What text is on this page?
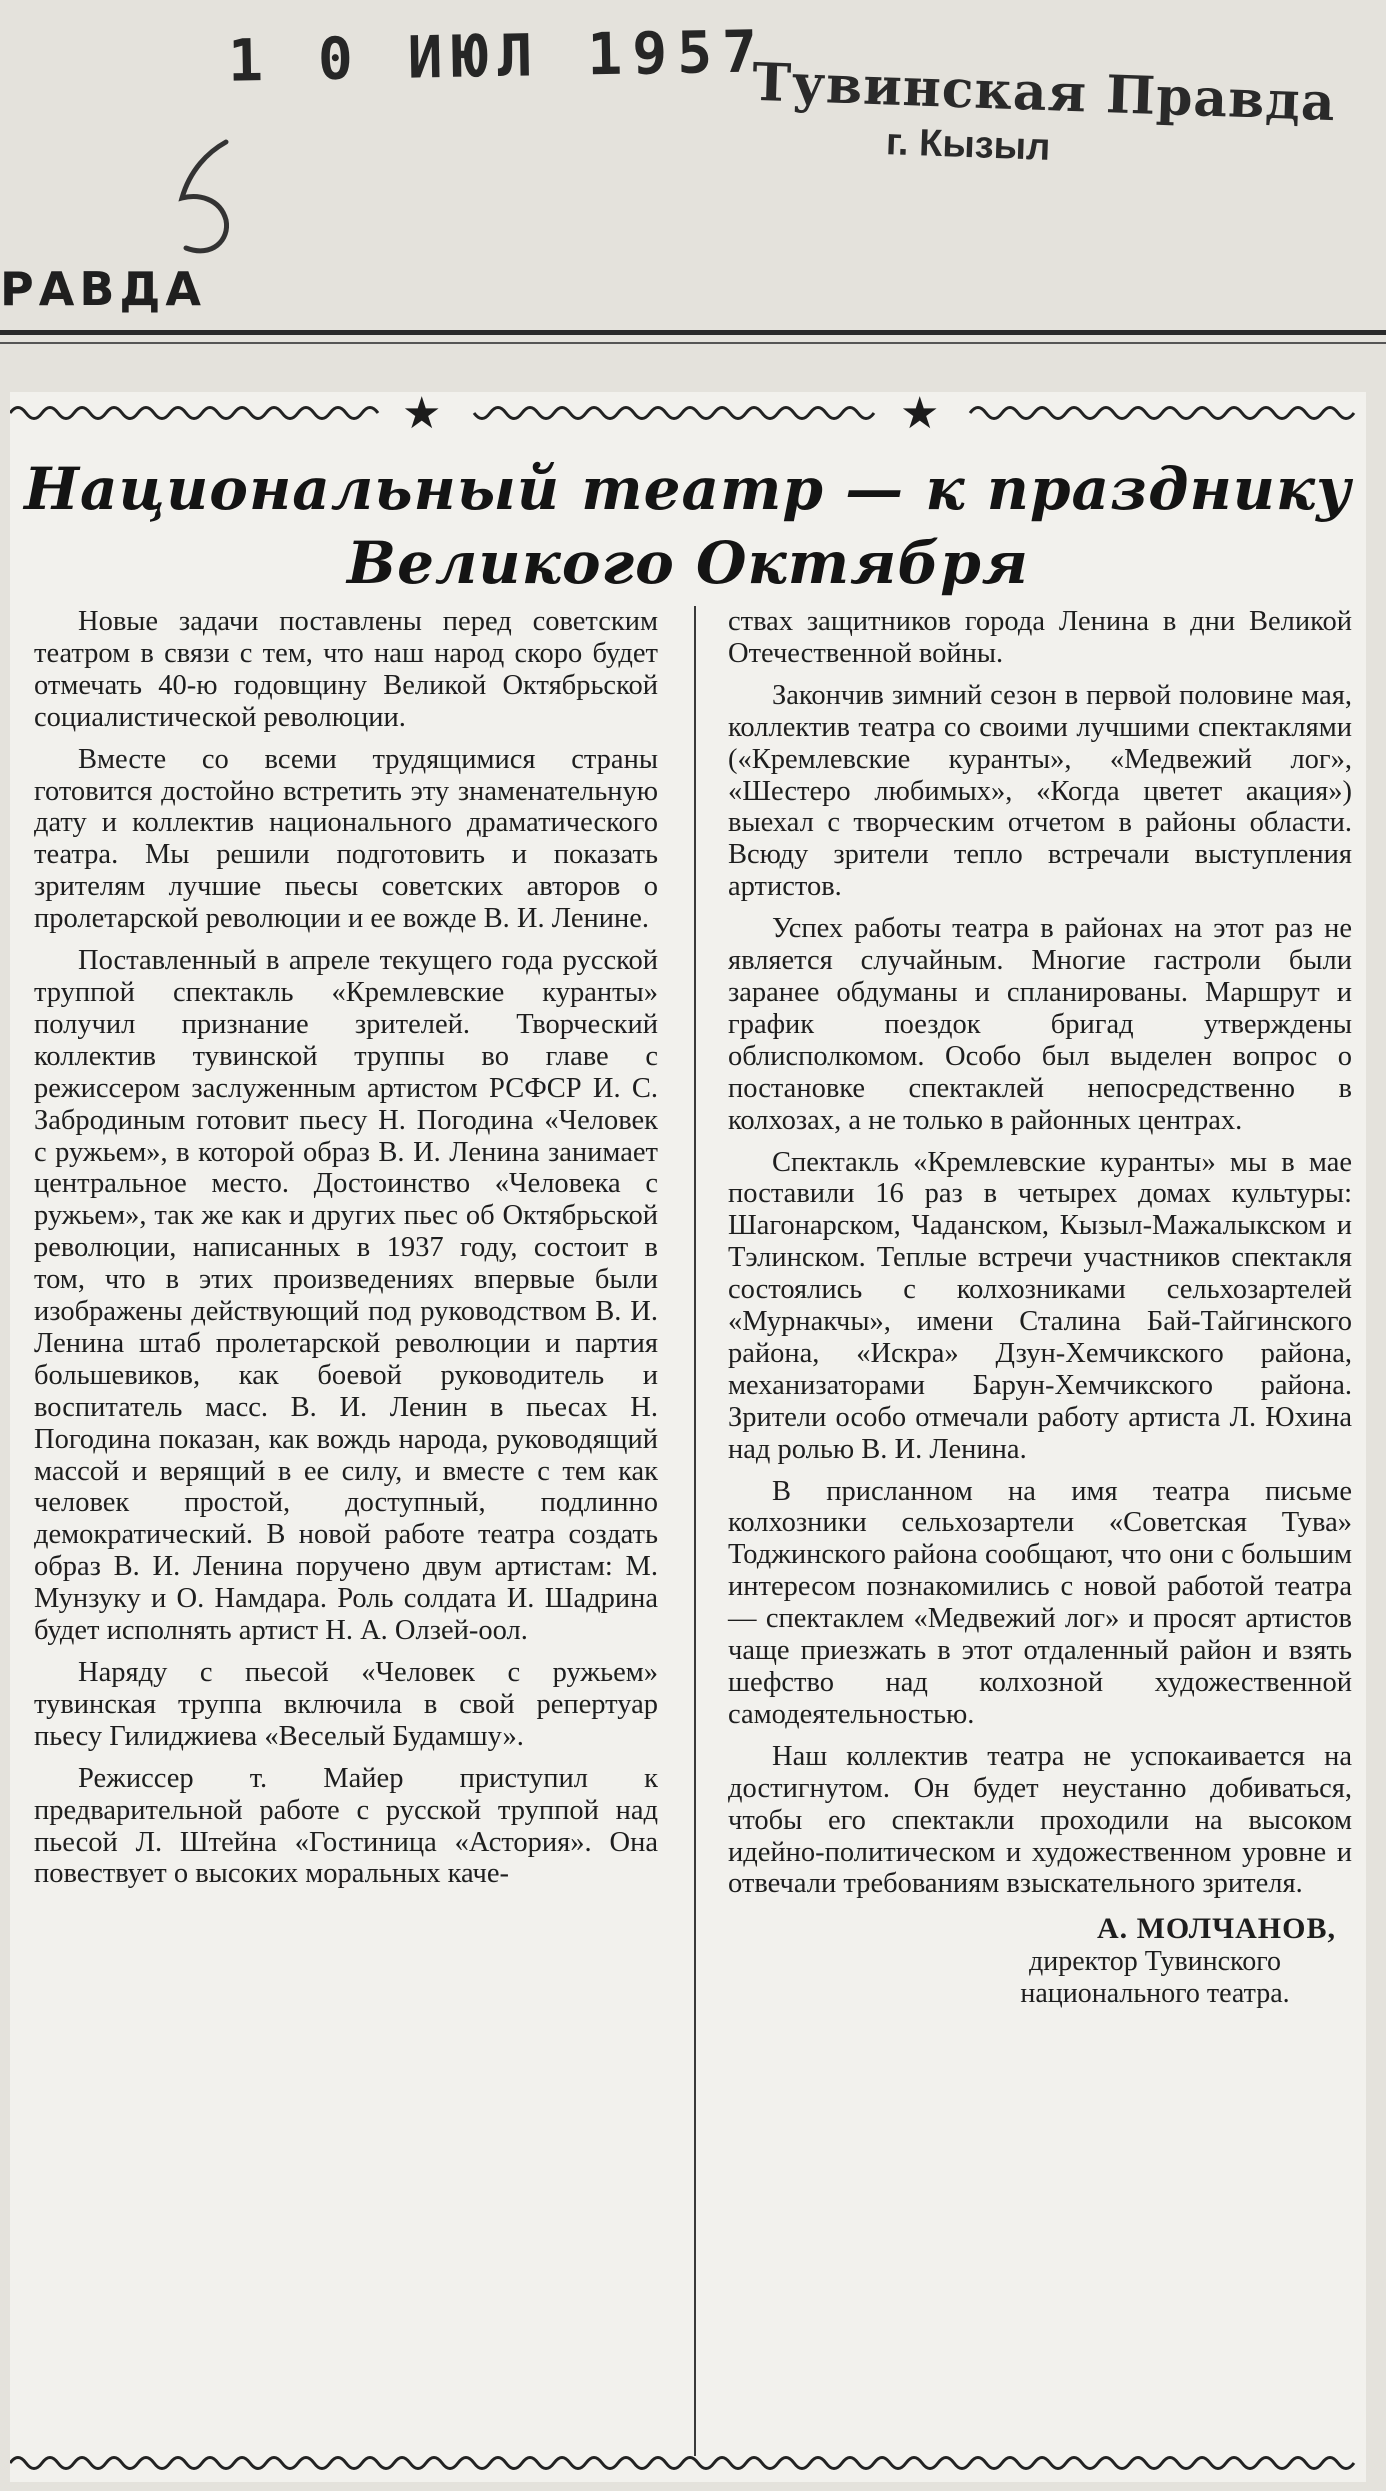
1 0 ИЮЛ 1957
Тувинская Правда
г. Кызыл
РАВДА
★	★
Национальный театр — к празднику
Великого Октября

Новые задачи поставлены перед советским театром в связи с тем, что наш народ скоро будет отмечать 40-ю годовщину Великой Октябрьской социалистической революции.

Вместе со всеми трудящимися страны готовится достойно встретить эту знаменательную дату и коллектив национального драматического театра. Мы решили подготовить и показать зрителям лучшие пьесы советских авторов о пролетарской революции и ее вожде В. И. Ленине.

Поставленный в апреле текущего года русской труппой спектакль «Кремлевские куранты» получил признание зрителей. Творческий коллектив тувинской труппы во главе с режиссером заслуженным артистом РСФСР И. С. Забродиным готовит пьесу Н. Погодина «Человек с ружьем», в которой образ В. И. Ленина занимает центральное место. Достоинство «Человека с ружьем», так же как и других пьес об Октябрьской революции, написанных в 1937 году, состоит в том, что в этих произведениях впервые были изображены действующий под руководством В. И. Ленина штаб пролетарской революции и партия большевиков, как боевой руководитель и воспитатель масс. В. И. Ленин в пьесах Н. Погодина показан, как вождь народа, руководящий массой и верящий в ее силу, и вместе с тем как человек простой, доступный, подлинно демократический. В новой работе театра создать образ В. И. Ленина поручено двум артистам: М. Мунзуку и О. Намдара. Роль солдата И. Шадрина будет исполнять артист Н. А. Олзей-оол.

Наряду с пьесой «Человек с ружьем» тувинская труппа включила в свой репертуар пьесу Гилиджиева «Веселый Будамшу».

Режиссер т. Майер приступил к предварительной работе с русской труппой над пьесой Л. Штейна «Гостиница «Астория». Она повествует о высоких моральных каче-

ствах защитников города Ленина в дни Великой Отечественной войны.

Закончив зимний сезон в первой половине мая, коллектив театра со своими лучшими спектаклями («Кремлевские куранты», «Медвежий лог», «Шестеро любимых», «Когда цветет акация») выехал с творческим отчетом в районы области. Всюду зрители тепло встречали выступления артистов.

Успех работы театра в районах на этот раз не является случайным. Многие гастроли были заранее обдуманы и спланированы. Маршрут и график поездок бригад утверждены облисполкомом. Особо был выделен вопрос о постановке спектаклей непосредственно в колхозах, а не только в районных центрах.

Спектакль «Кремлевские куранты» мы в мае поставили 16 раз в четырех домах культуры: Шагонарском, Чаданском, Кызыл-Мажалыкском и Тэлинском. Теплые встречи участников спектакля состоялись с колхозниками сельхозартелей «Мурнакчы», имени Сталина Бай-Тайгинского района, «Искра» Дзун-Хемчикского района, механизаторами Барун-Хемчикского района. Зрители особо отмечали работу артиста Л. Юхина над ролью В. И. Ленина.

В присланном на имя театра письме колхозники сельхозартели «Советская Тува» Тоджинского района сообщают, что они с большим интересом познакомились с новой работой театра — спектаклем «Медвежий лог» и просят артистов чаще приезжать в этот отдаленный район и взять шефство над колхозной художественной самодеятельностью.

Наш коллектив театра не успокаивается на достигнутом. Он будет неустанно добиваться, чтобы его спектакли проходили на высоком идейно-политическом и художественном уровне и отвечали требованиям взыскательного зрителя.

А. МОЛЧАНОВ,
директор Тувинского
национального театра.
